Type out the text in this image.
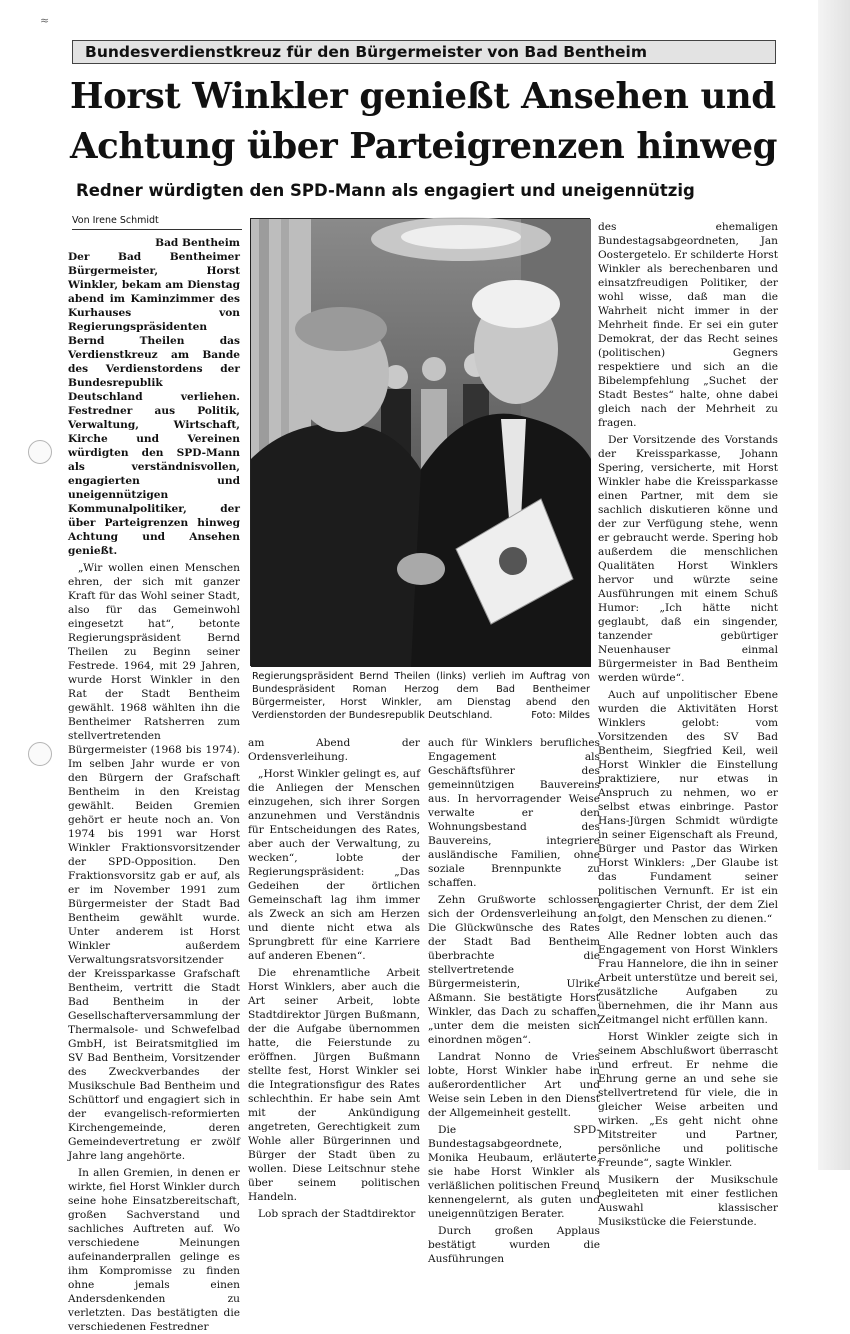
≈
Bundesverdienstkreuz für den Bürgermeister von Bad Bentheim
Horst Winkler genießt Ansehen und
Achtung über Parteigrenzen hinweg
Redner würdigten den SPD-Mann als engagiert und uneigennützig
Von Irene Schmidt

Bad Bentheim
Der Bad Bentheimer Bürgermeister, Horst Winkler, bekam am Dienstag abend im Kaminzimmer des Kurhauses von Regierungspräsidenten Bernd Theilen das Verdienstkreuz am Bande des Verdienstordens der Bundesrepublik Deutschland verliehen. Festredner aus Politik, Verwaltung, Wirtschaft, Kirche und Vereinen würdigten den SPD-Mann als verständnisvollen, engagierten und uneigennützigen Kommunalpolitiker, der über Parteigrenzen hinweg Achtung und Ansehen genießt.

„Wir wollen einen Menschen ehren, der sich mit ganzer Kraft für das Wohl seiner Stadt, also für das Gemeinwohl eingesetzt hat“, betonte Regierungspräsident Bernd Theilen zu Beginn seiner Festrede. 1964, mit 29 Jahren, wurde Horst Winkler in den Rat der Stadt Bentheim gewählt. 1968 wählten ihn die Bentheimer Ratsherren zum stellvertretenden Bürgermeister (1968 bis 1974). Im selben Jahr wurde er von den Bürgern der Grafschaft Bentheim in den Kreistag gewählt. Beiden Gremien gehört er heute noch an. Von 1974 bis 1991 war Horst Winkler Fraktionsvorsitzender der SPD-Opposition. Den Fraktionsvorsitz gab er auf, als er im November 1991 zum Bürgermeister der Stadt Bad Bentheim gewählt wurde. Unter anderem ist Horst Winkler außerdem Verwaltungsratsvorsitzender der Kreissparkasse Grafschaft Bentheim, vertritt die Stadt Bad Bentheim in der Gesellschafterversammlung der Thermalsole- und Schwefelbad GmbH, ist Beiratsmitglied im SV Bad Bentheim, Vorsitzender des Zweckverbandes der Musikschule Bad Bentheim und Schüttorf und engagiert sich in der evangelisch-reformierten Kirchengemeinde, deren Gemeindevertretung er zwölf Jahre lang angehörte.

In allen Gremien, in denen er wirkte, fiel Horst Winkler durch seine hohe Einsatzbereitschaft, großen Sachverstand und sachliches Auftreten auf. Wo verschiedene Meinungen aufeinanderprallen gelinge es ihm Kompromisse zu finden ohne jemals einen Andersdenkenden zu verletzten. Das bestätigten die verschiedenen Festredner

Regierungspräsident Bernd Theilen (links) verlieh im Auftrag von Bundespräsident Roman Herzog dem Bad Bentheimer Bürgermeister, Horst Winkler, am Dienstag abend den Verdienstorden der Bundesrepublik Deutschland.	Foto: Mildes

am Abend der Ordensverleihung.

„Horst Winkler gelingt es, auf die Anliegen der Menschen einzugehen, sich ihrer Sorgen anzunehmen und Verständnis für Entscheidungen des Rates, aber auch der Verwaltung, zu wecken“, lobte der Regierungspräsident: „Das Gedeihen der örtlichen Gemeinschaft lag ihm immer als Zweck an sich am Herzen und diente nicht etwa als Sprungbrett für eine Karriere auf anderen Ebenen“.

Die ehrenamtliche Arbeit Horst Winklers, aber auch die Art seiner Arbeit, lobte Stadtdirektor Jürgen Bußmann, der die Aufgabe übernommen hatte, die Feierstunde zu eröffnen. Jürgen Bußmann stellte fest, Horst Winkler sei die Integrationsfigur des Rates schlechthin. Er habe sein Amt mit der Ankündigung angetreten, Gerechtigkeit zum Wohle aller Bürgerinnen und Bürger der Stadt üben zu wollen. Diese Leitschnur stehe über seinem politischen Handeln.

Lob sprach der Stadtdirektor

auch für Winklers berufliches Engagement als Geschäftsführer des gemeinnützigen Bauvereins aus. In hervorragender Weise verwalte er den Wohnungsbestand des Bauvereins, integriere ausländische Familien, ohne soziale Brennpunkte zu schaffen.

Zehn Grußworte schlossen sich der Ordensverleihung an. Die Glückwünsche des Rates der Stadt Bad Bentheim überbrachte die stellvertretende Bürgermeisterin, Ulrike Aßmann. Sie bestätigte Horst Winkler, das Dach zu schaffen, „unter dem die meisten sich einordnen mögen“.

Landrat Nonno de Vries lobte, Horst Winkler habe in außerordentlicher Art und Weise sein Leben in den Dienst der Allgemeinheit gestellt.

Die SPD-Bundestagsabgeordnete, Monika Heubaum, erläuterte, sie habe Horst Winkler als verläßlichen politischen Freund kennengelernt, als guten und uneigennützigen Berater.

Durch großen Applaus bestätigt wurden die Ausführungen

des ehemaligen Bundestagsabgeordneten, Jan Oostergetelo. Er schilderte Horst Winkler als berechenbaren und einsatzfreudigen Politiker, der wohl wisse, daß man die Wahrheit nicht immer in der Mehrheit finde. Er sei ein guter Demokrat, der das Recht seines (politischen) Gegners respektiere und sich an die Bibelempfehlung „Suchet der Stadt Bestes“ halte, ohne dabei gleich nach der Mehrheit zu fragen.

Der Vorsitzende des Vorstands der Kreissparkasse, Johann Spering, versicherte, mit Horst Winkler habe die Kreissparkasse einen Partner, mit dem sie sachlich diskutieren könne und der zur Verfügung stehe, wenn er gebraucht werde. Spering hob außerdem die menschlichen Qualitäten Horst Winklers hervor und würzte seine Ausführungen mit einem Schuß Humor: „Ich hätte nicht geglaubt, daß ein singender, tanzender gebürtiger Neuenhauser einmal Bürgermeister in Bad Bentheim werden würde“.

Auch auf unpolitischer Ebene wurden die Aktivitäten Horst Winklers gelobt: vom Vorsitzenden des SV Bad Bentheim, Siegfried Keil, weil Horst Winkler die Einstellung praktiziere, nur etwas in Anspruch zu nehmen, wo er selbst etwas einbringe. Pastor Hans-Jürgen Schmidt würdigte in seiner Eigenschaft als Freund, Bürger und Pastor das Wirken Horst Winklers: „Der Glaube ist das Fundament seiner politischen Vernunft. Er ist ein engagierter Christ, der dem Ziel folgt, den Menschen zu dienen.“

Alle Redner lobten auch das Engagement von Horst Winklers Frau Hannelore, die ihn in seiner Arbeit unterstütze und bereit sei, zusätzliche Aufgaben zu übernehmen, die ihr Mann aus Zeitmangel nicht erfüllen kann.

Horst Winkler zeigte sich in seinem Abschlußwort überrascht und erfreut. Er nehme die Ehrung gerne an und sehe sie stellvertretend für viele, die in gleicher Weise arbeiten und wirken. „Es geht nicht ohne Mitstreiter und Partner, persönliche und politische Freunde“, sagte Winkler.

Musikern der Musikschule begleiteten mit einer festlichen Auswahl klassischer Musikstücke die Feierstunde.
